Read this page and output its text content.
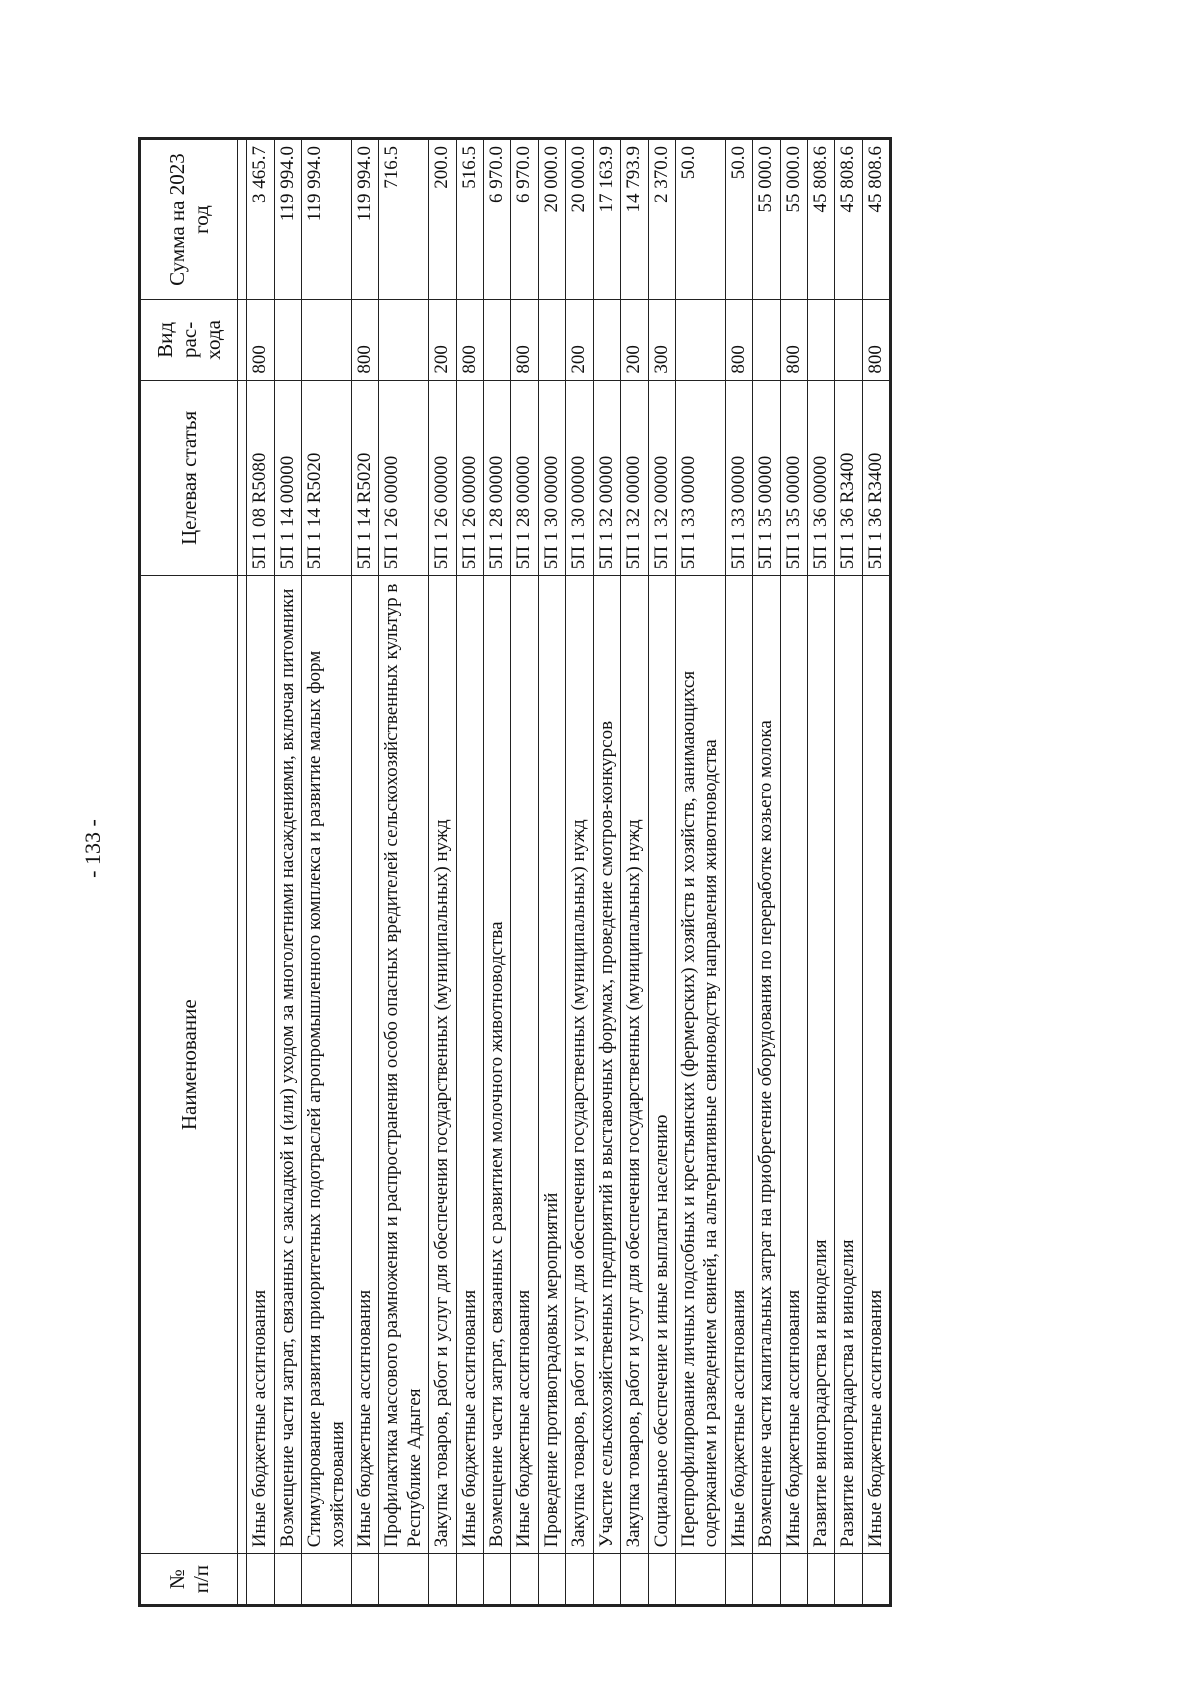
- 133 -
№ п/п	Наименование	Целевая статья	Вид рас-хода	Сумма на 2023 год

	Иные бюджетные ассигнования	5П 1 08 R5080	800	3 465.7
	Возмещение части затрат, связанных с закладкой и (или) уходом за многолетними насаждениями, включая питомники	5П 1 14 00000		119 994.0
	Стимулирование развития приоритетных подотраслей агропромышленного комплекса и развитие малых форм хозяйствования	5П 1 14 R5020		119 994.0
	Иные бюджетные ассигнования	5П 1 14 R5020	800	119 994.0
	Профилактика массового размножения и распространения особо опасных вредителей сельскохозяйственных культур в Республике Адыгея	5П 1 26 00000		716.5
	Закупка товаров, работ и услуг для обеспечения государственных (муниципальных) нужд	5П 1 26 00000	200	200.0
	Иные бюджетные ассигнования	5П 1 26 00000	800	516.5
	Возмещение части затрат, связанных с развитием молочного животноводства	5П 1 28 00000		6 970.0
	Иные бюджетные ассигнования	5П 1 28 00000	800	6 970.0
	Проведение противоградовых мероприятий	5П 1 30 00000		20 000.0
	Закупка товаров, работ и услуг для обеспечения государственных (муниципальных) нужд	5П 1 30 00000	200	20 000.0
	Участие сельскохозяйственных предприятий в выставочных форумах, проведение смотров-конкурсов	5П 1 32 00000		17 163.9
	Закупка товаров, работ и услуг для обеспечения государственных (муниципальных) нужд	5П 1 32 00000	200	14 793.9
	Социальное обеспечение и иные выплаты населению	5П 1 32 00000	300	2 370.0
	Перепрофилирование личных подсобных и крестьянских (фермерских) хозяйств и хозяйств, занимающихся содержанием и разведением свиней, на альтернативные свиноводству направления животноводства	5П 1 33 00000		50.0
	Иные бюджетные ассигнования	5П 1 33 00000	800	50.0
	Возмещение части капитальных затрат на приобретение оборудования по переработке козьего молока	5П 1 35 00000		55 000.0
	Иные бюджетные ассигнования	5П 1 35 00000	800	55 000.0
	Развитие виноградарства и виноделия	5П 1 36 00000		45 808.6
	Развитие виноградарства и виноделия	5П 1 36 R3400		45 808.6
	Иные бюджетные ассигнования	5П 1 36 R3400	800	45 808.6
